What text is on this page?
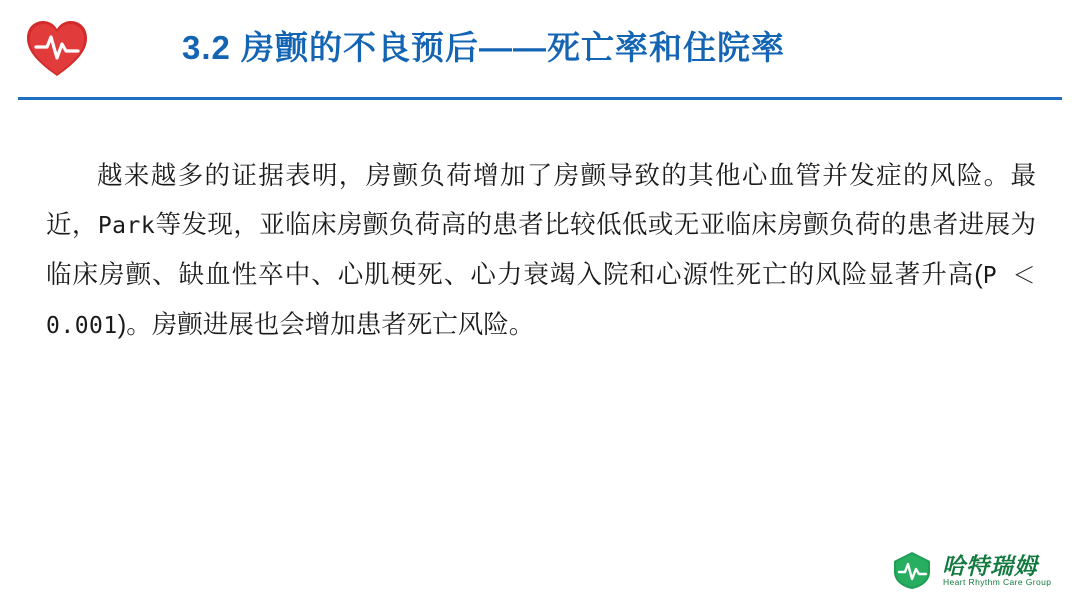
3.2 房颤的不良预后——死亡率和住院率
越来越多的证据表明，房颤负荷增加了房颤导致的其他心血管并发症的风险。最近，Park等发现，亚临床房颤负荷高的患者比较低低或无亚临床房颤负荷的患者进展为临床房颤、缺血性卒中、心肌梗死、心力衰竭入院和心源性死亡的风险显著升高(P ＜ 0.001)。房颤进展也会增加患者死亡风险。
哈特瑞姆
Heart Rhythm Care Group
